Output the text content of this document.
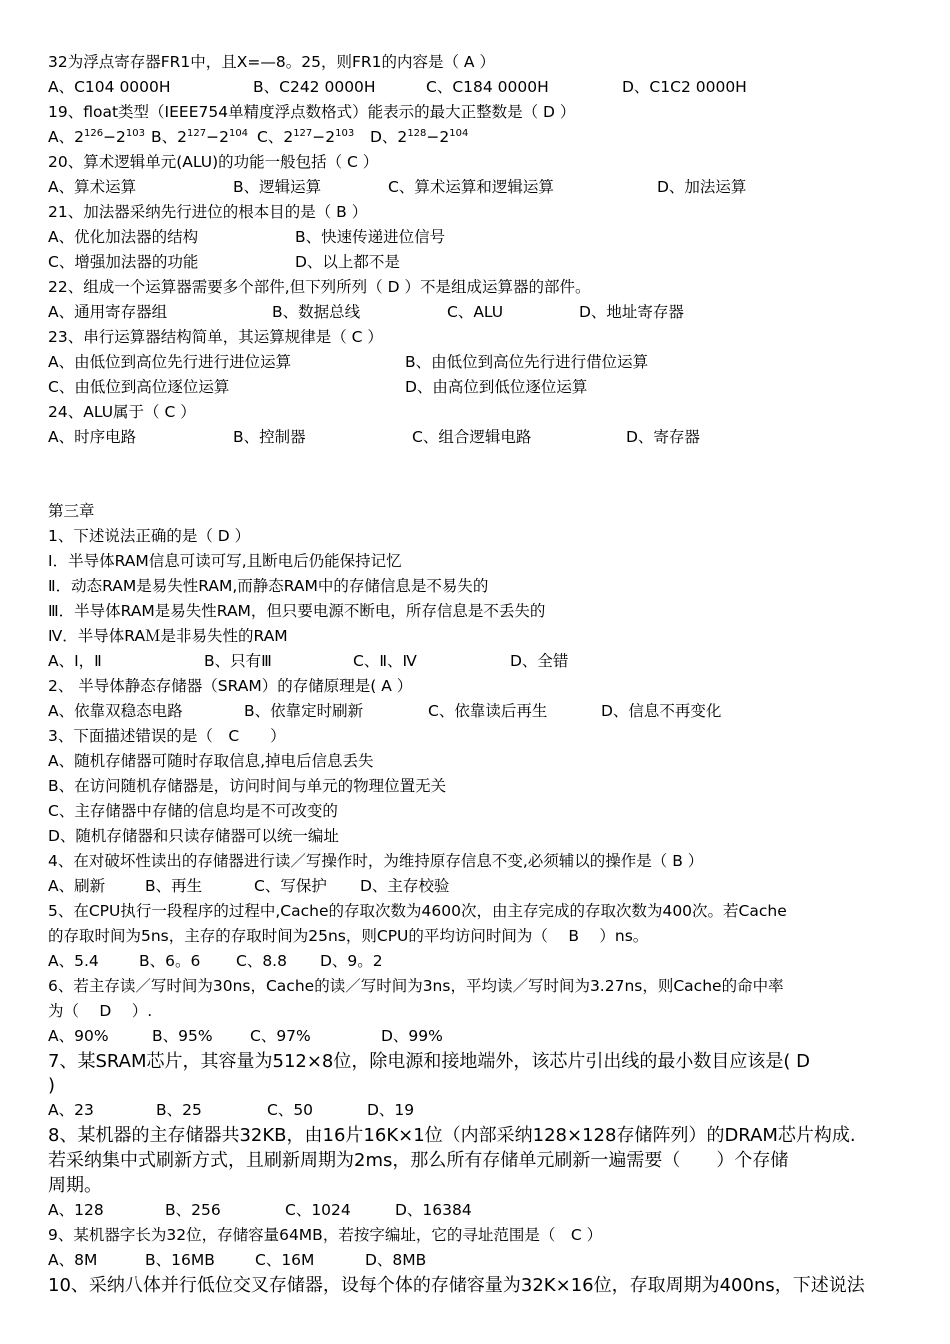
32为浮点寄存器FR1中，且X=—8。25，则FR1的内容是（ A ）
A、C104 0000H	B、C242 0000H	C、C184 0000H	D、C1C2 0000H
19、float类型（IEEE754单精度浮点数格式）能表示的最大正整数是（ D ）
A、$2^{126}-2^{103}$ B、$2^{127}-2^{104}$ C、$2^{127}-2^{103}$ D、$2^{128}-2^{104}$
20、算术逻辑单元(ALU)的功能一般包括（ C ）
A、算术运算	B、逻辑运算	C、算术运算和逻辑运算	D、加法运算
21、加法器采纳先行进位的根本目的是（ B ）
A、优化加法器的结构	B、快速传递进位信号
C、增强加法器的功能	D、以上都不是
22、组成一个运算器需要多个部件,但下列所列（ D ）不是组成运算器的部件。
A、通用寄存器组	B、数据总线	C、ALU	D、地址寄存器
23、串行运算器结构简单，其运算规律是（ C ）
A、由低位到高位先行进行进位运算	B、由低位到高位先行进行借位运算
C、由低位到高位逐位运算	D、由高位到低位逐位运算
24、ALU属于（ C ）
A、时序电路	B、控制器	C、组合逻辑电路	D、寄存器
第三章
1、下述说法正确的是（ D ）
Ⅰ．半导体RAM信息可读可写,且断电后仍能保持记忆
Ⅱ．动态RAM是易失性RAM,而静态RAM中的存储信息是不易失的
Ⅲ．半导体RAM是易失性RAM，但只要电源不断电，所存信息是不丢失的
Ⅳ．半导体RAＭ是非易失性的RAM
A、Ⅰ，Ⅱ	B、只有Ⅲ	C、Ⅱ、Ⅳ	D、全错
2、 半导体静态存储器（SRAM）的存储原理是( A ）
A、依靠双稳态电路	B、依靠定时刷新	C、依靠读后再生	D、信息不再变化
3、下面描述错误的是（　C　　）
A、随机存储器可随时存取信息,掉电后信息丢失
B、在访问随机存储器是，访问时间与单元的物理位置无关
C、主存储器中存储的信息均是不可改变的
D、随机存储器和只读存储器可以统一编址
4、在对破坏性读出的存储器进行读／写操作时，为维持原存信息不变,必须辅以的操作是（ B ）
A、刷新	B、再生	C、写保护 D、主存校验
5、在CPU执行一段程序的过程中,Cache的存取次数为4600次，由主存完成的存取次数为400次。若Cache
的存取时间为5ns，主存的存取时间为25ns，则CPU的平均访问时间为（　 B　 ）ns。
A、5.4	B、6。6 C、8.8 D、9。2
6、若主存读／写时间为30ns，Cache的读／写时间为3ns，平均读／写时间为3.27ns，则Cache的命中率
为（　 D　 ）.
A、90%	B、95% C、97%	D、99%
7、某SRAM芯片，其容量为512×8位，除电源和接地端外，该芯片引出线的最小数目应该是( D
)
A、23	B、25	C、50	D、19
8、某机器的主存储器共32KB，由16片16K×1位（内部采纳128×128存储阵列）的DRAM芯片构成.
若采纳集中式刷新方式，且刷新周期为2ms，那么所有存储单元刷新一遍需要（　　）个存储
周期。
A、128	B、256	C、1024	D、16384
9、某机器字长为32位，存储容量64MB，若按字编址，它的寻址范围是（　C ）
A、8M	B、16MB	C、16M	D、8MB
10、采纳八体并行低位交叉存储器，设每个体的存储容量为32K×16位，存取周期为400ns，下述说法
